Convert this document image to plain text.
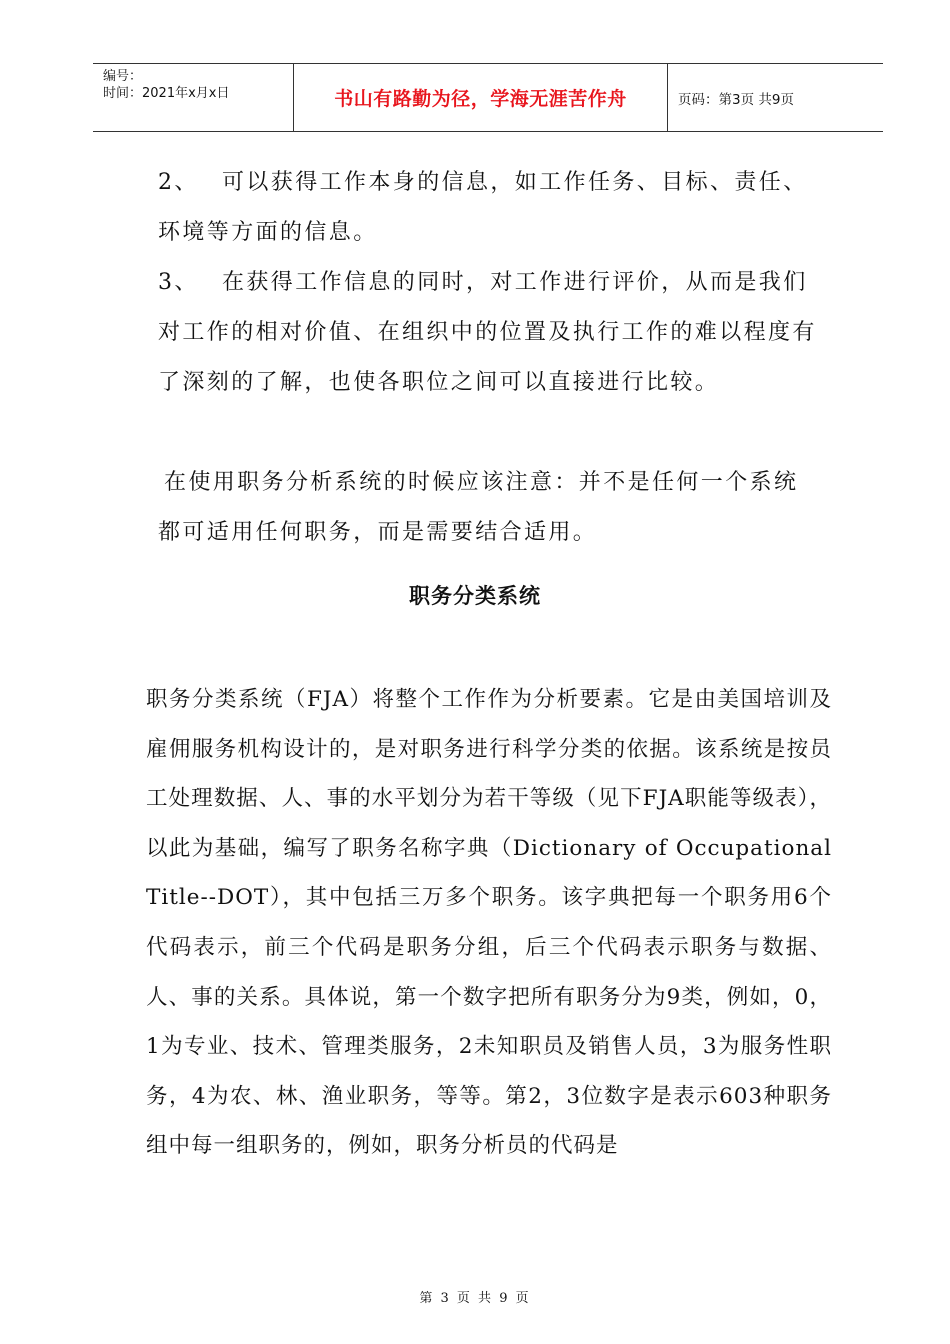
编号：
时间：2021年x月x日	书山有路勤为径，学海无涯苦作舟	页码：第3页 共9页

2、 可以获得工作本身的信息，如工作任务、目标、责任、环境等方面的信息。

3、 在获得工作信息的同时，对工作进行评价，从而是我们对工作的相对价值、在组织中的位置及执行工作的难以程度有了深刻的了解，也使各职位之间可以直接进行比较。

在使用职务分析系统的时候应该注意：并不是任何一个系统都可适用任何职务，而是需要结合适用。

职务分类系统

职务分类系统（FJA）将整个工作作为分析要素。它是由美国培训及雇佣服务机构设计的，是对职务进行科学分类的依据。该系统是按员工处理数据、人、事的水平划分为若干等级（见下FJA职能等级表），以此为基础，编写了职务名称字典（Dictionary of Occupational Title--DOT），其中包括三万多个职务。该字典把每一个职务用6个代码表示，前三个代码是职务分组，后三个代码表示职务与数据、人、事的关系。具体说，第一个数字把所有职务分为9类，例如，0，1为专业、技术、管理类服务，2未知职员及销售人员，3为服务性职务，4为农、林、渔业职务，等等。第2，3位数字是表示603种职务组中每一组职务的，例如，职务分析员的代码是

第 3 页 共 9 页
